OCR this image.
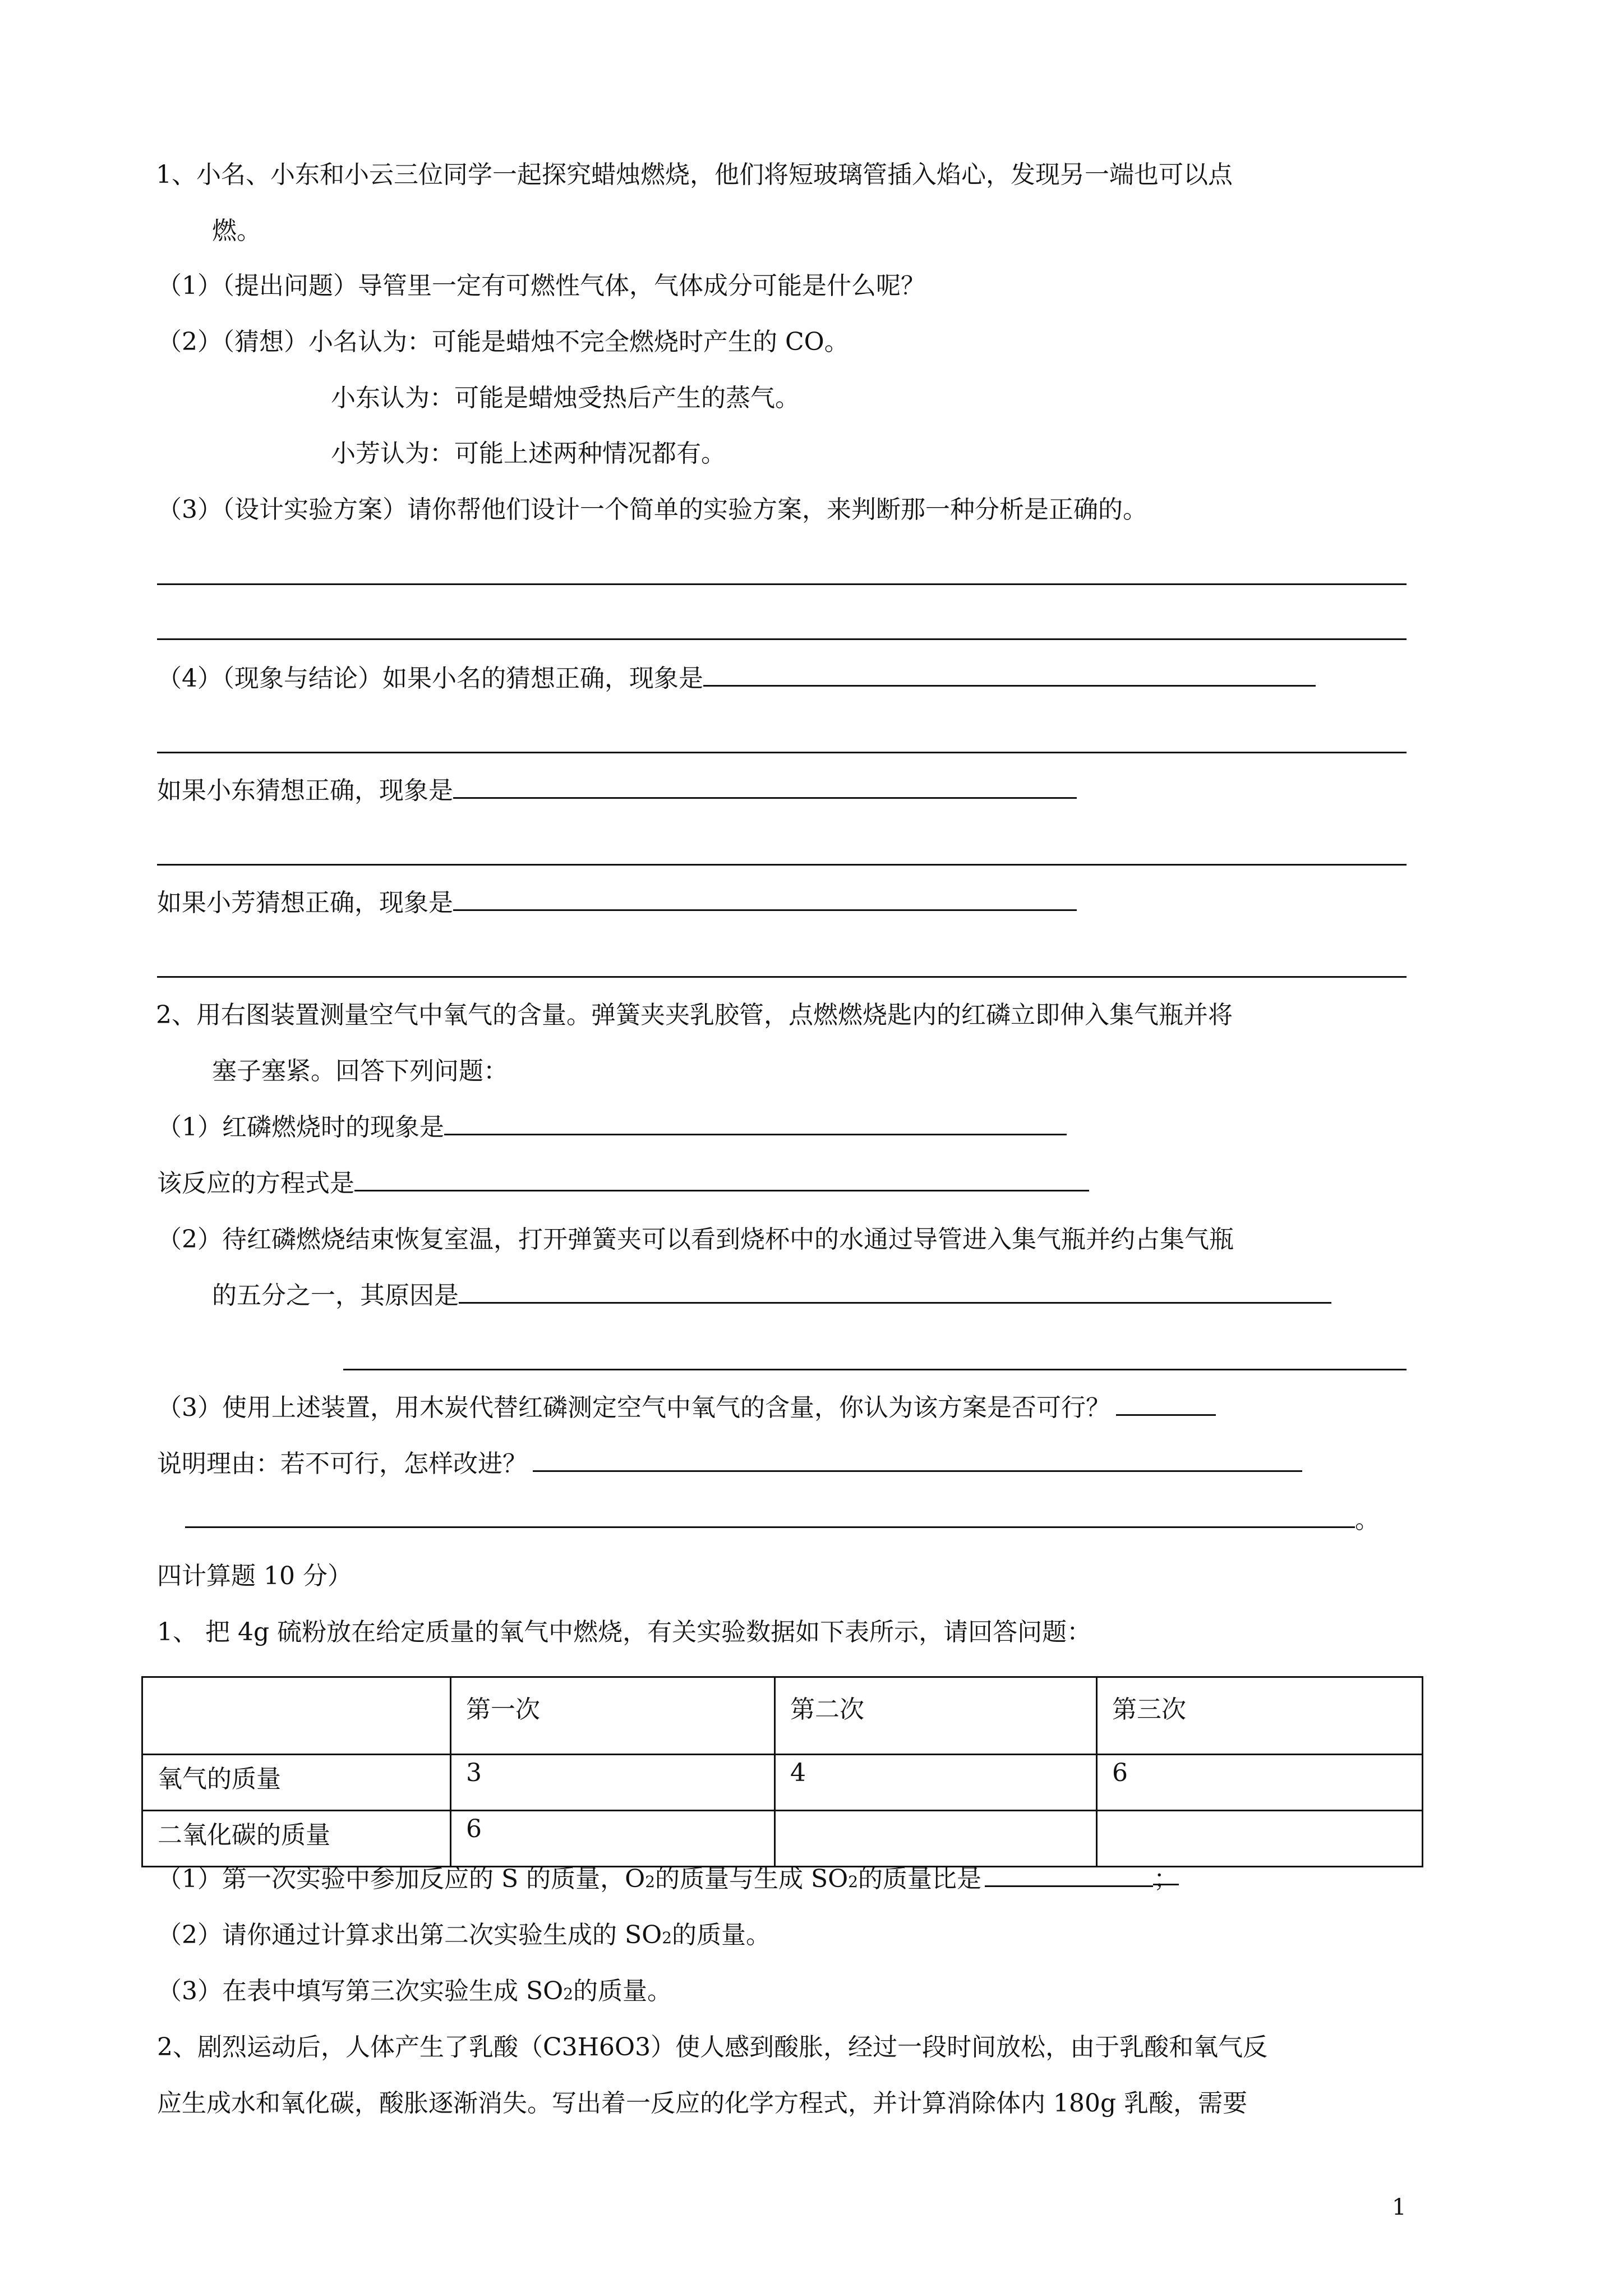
1、小名、小东和小云三位同学一起探究蜡烛燃烧，他们将短玻璃管插入焰心，发现另一端也可以点
燃。
（1）（提出问题）导管里一定有可燃性气体，气体成分可能是什么呢？
（2）（猜想）小名认为：可能是蜡烛不完全燃烧时产生的 CO。
小东认为：可能是蜡烛受热后产生的蒸气。
小芳认为：可能上述两种情况都有。
（3）（设计实验方案）请你帮他们设计一个简单的实验方案，来判断那一种分析是正确的。
（4）（现象与结论）如果小名的猜想正确，现象是
如果小东猜想正确，现象是
如果小芳猜想正确，现象是
2、用右图装置测量空气中氧气的含量。弹簧夹夹乳胶管，点燃燃烧匙内的红磷立即伸入集气瓶并将
塞子塞紧。回答下列问题：
（1）红磷燃烧时的现象是
该反应的方程式是
（2）待红磷燃烧结束恢复室温，打开弹簧夹可以看到烧杯中的水通过导管进入集气瓶并约占集气瓶
的五分之一，其原因是
（3）使用上述装置，用木炭代替红磷测定空气中氧气的含量，你认为该方案是否可行？
说明理由：若不可行，怎样改进？
。
四计算题 10 分）
1、 把 4g 硫粉放在给定质量的氧气中燃烧，有关实验数据如下表所示，请回答问题：
	第一次	第二次	第三次
氧气的质量	3	4	6
二氧化碳的质量	6		
（1）第一次实验中参加反应的 S 的质量，O 2 的质量与生成 SO 2 的质量比是	；
（2）请你通过计算求出第二次实验生成的 SO 2 的质量。
（3）在表中填写第三次实验生成 SO 2 的质量。
2、剧烈运动后，人体产生了乳酸（C3H6O3）使人感到酸胀，经过一段时间放松，由于乳酸和氧气反
应生成水和氧化碳，酸胀逐渐消失。写出着一反应的化学方程式，并计算消除体内 180g 乳酸，需要
1
